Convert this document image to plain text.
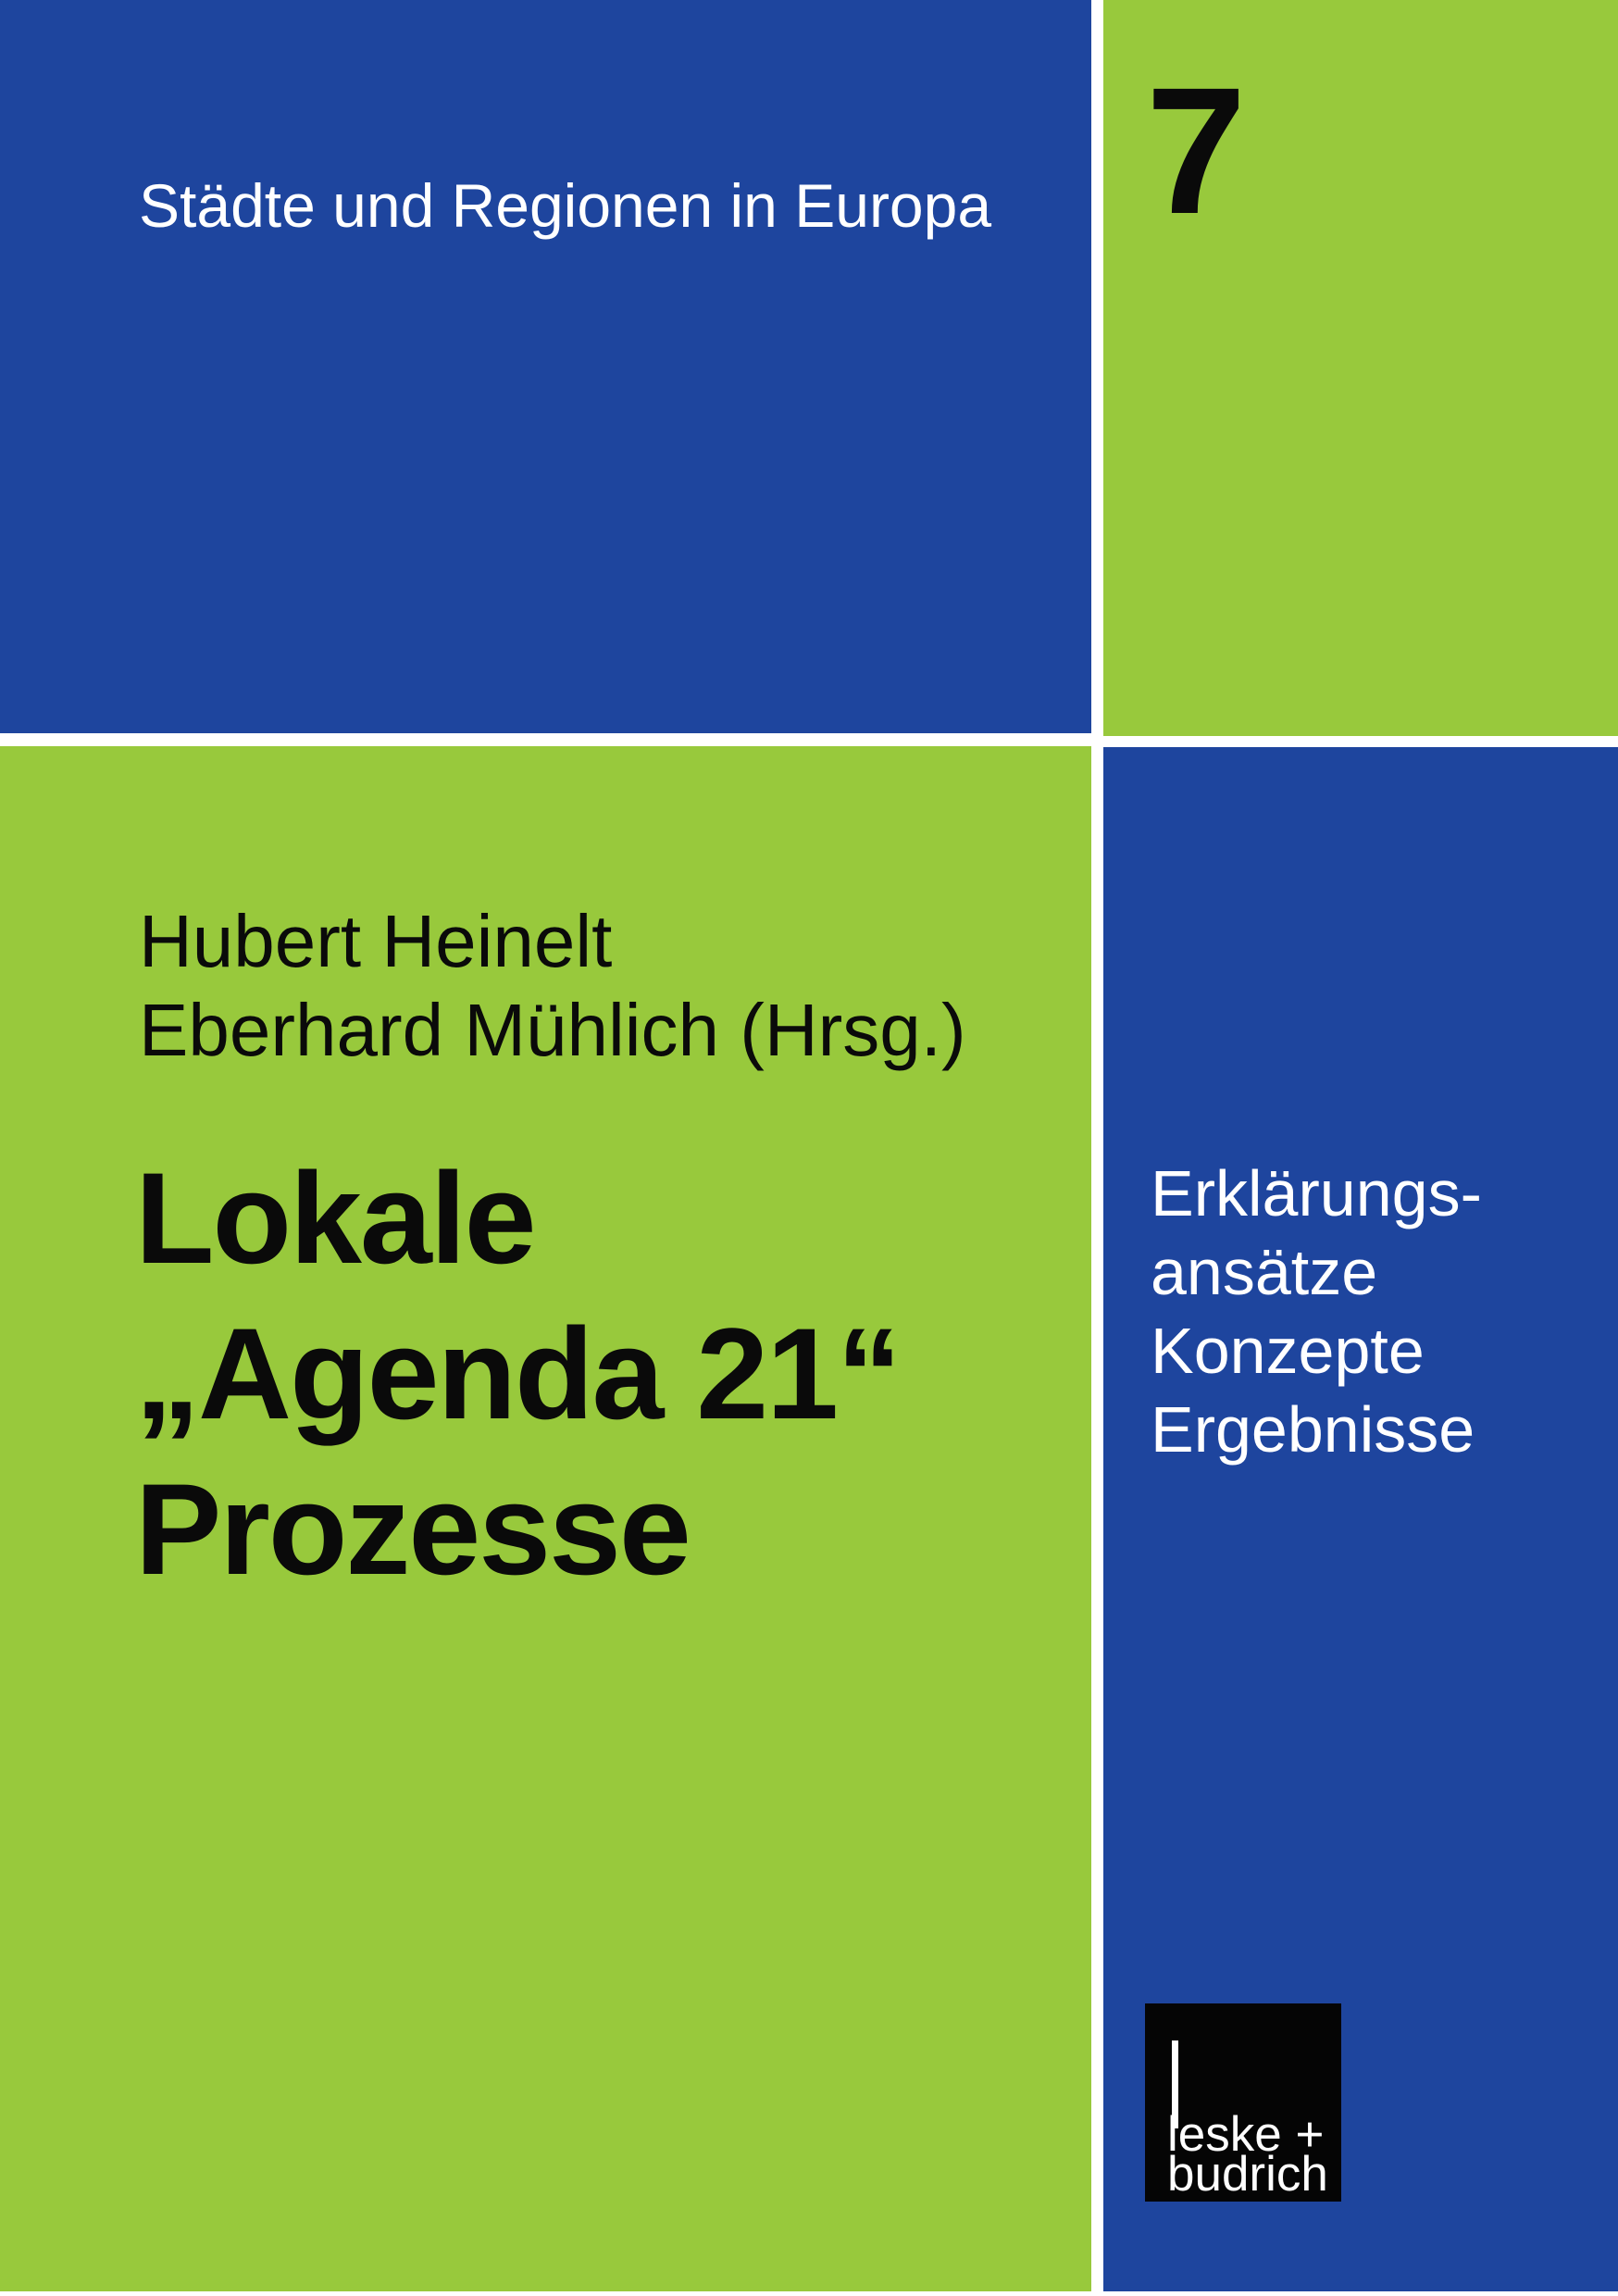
Städte und Regionen in Europa 7
Hubert Heinelt
Eberhard Mühlich (Hrsg.)
Lokale
„Agenda 21“
Prozesse
Erklärungs-
ansätze
Konzepte
Ergebnisse
leske +
budrich
